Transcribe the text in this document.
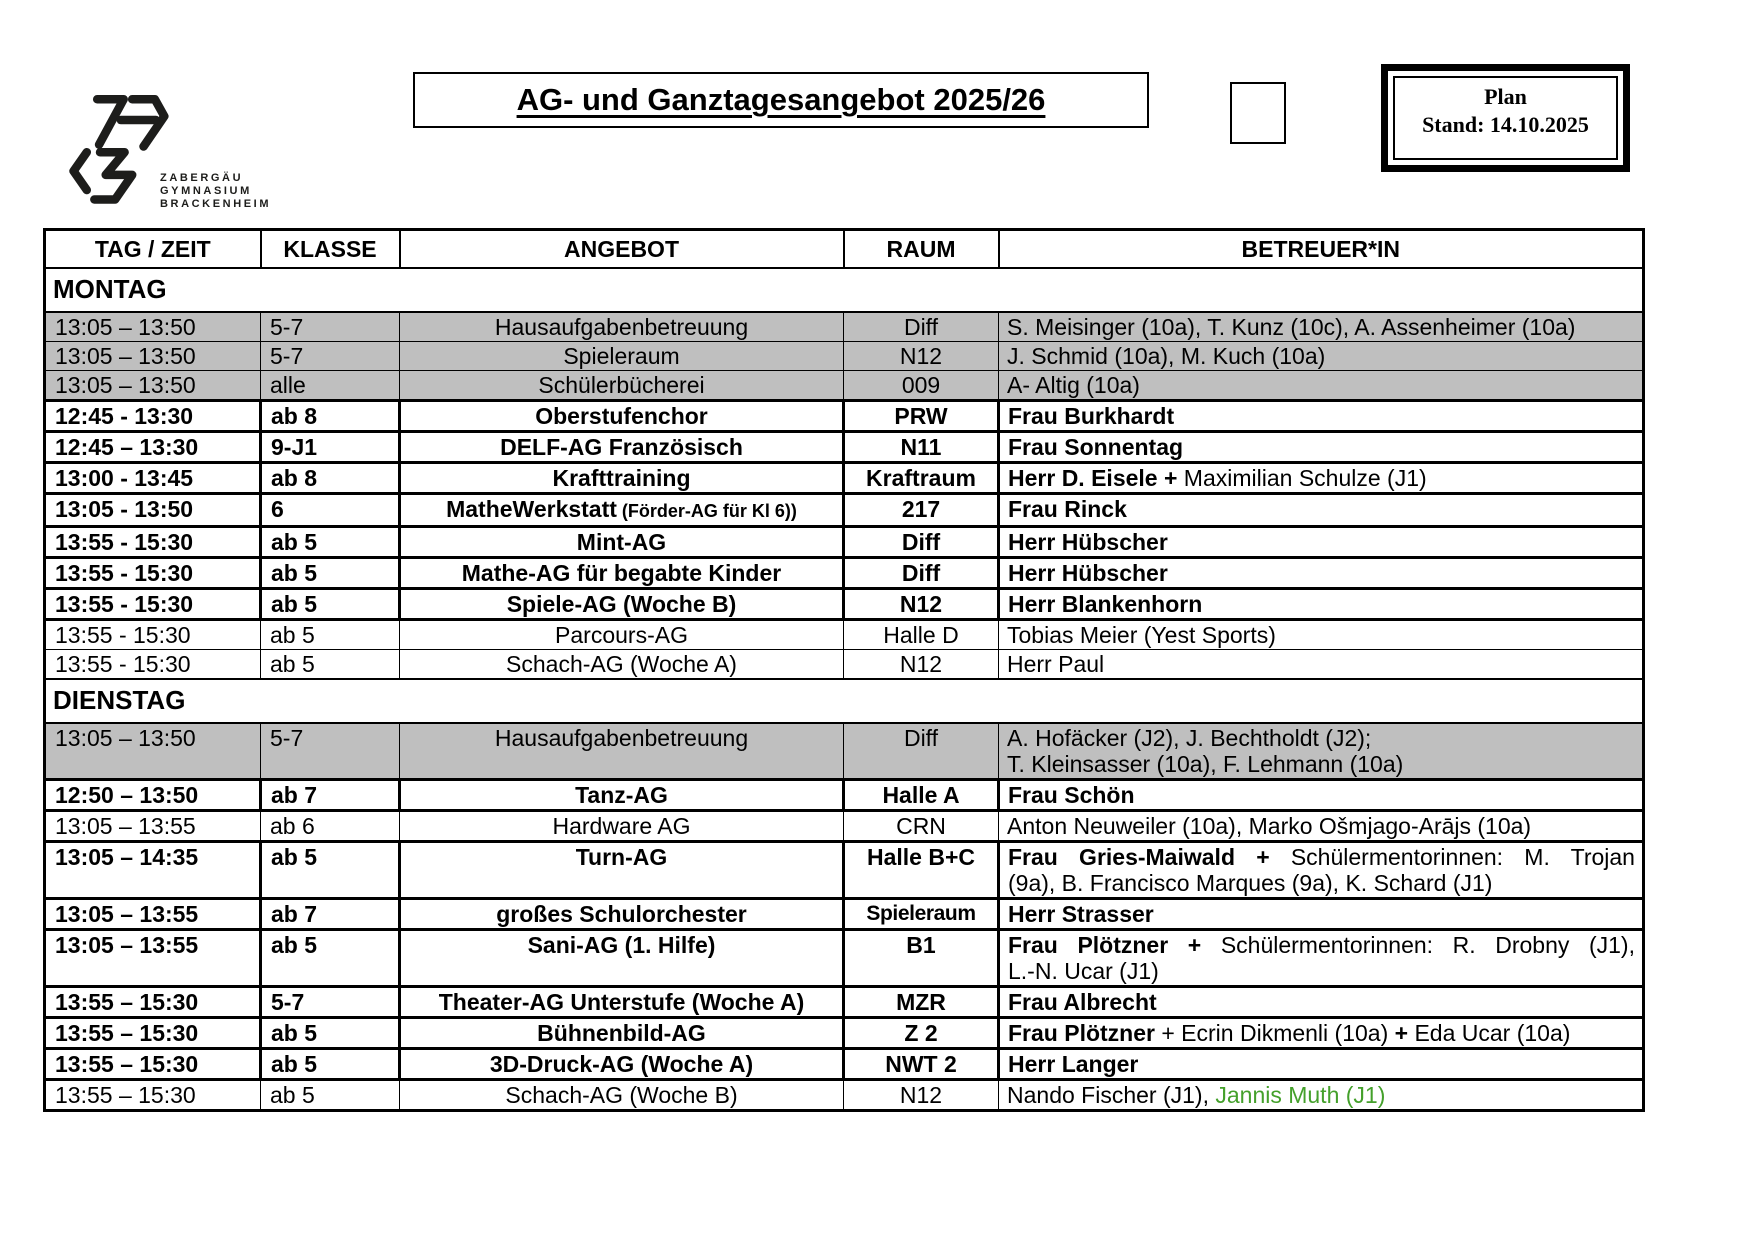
ZABERGÄU
GYMNASIUM
BRACKENHEIM
AG- und Ganztagesangebot 2025/26	Plan
Stand: 14.10.2025
TAG / ZEIT	KLASSE	ANGEBOT	RAUM	BETREUER*IN
MONTAG				
13:05 – 13:50	5-7	Hausaufgabenbetreuung	Diff	S. Meisinger (10a), T. Kunz (10c), A. Assenheimer (10a)

13:05 – 13:50	5-7	Spieleraum	N12	J. Schmid (10a), M. Kuch (10a)

13:05 – 13:50	alle	Schülerbücherei	009	A- Altig (10a)

12:45 - 13:30	ab 8	Oberstufenchor	PRW	Frau Burkhardt

12:45 – 13:30	9-J1	DELF-AG Französisch	N11	Frau Sonnentag

13:00 - 13:45	ab 8	Krafttraining	Kraftraum	Herr D. Eisele + Maximilian Schulze (J1)

13:05 - 13:50	6	MatheWerkstatt (Förder-AG für Kl 6))	217	Frau Rinck

13:55 - 15:30	ab 5	Mint-AG	Diff	Herr Hübscher

13:55 - 15:30	ab 5	Mathe-AG für begabte Kinder	Diff	Herr Hübscher

13:55 - 15:30	ab 5	Spiele-AG (Woche B)	N12	Herr Blankenhorn

13:55 - 15:30	ab 5	Parcours-AG	Halle D	Tobias Meier (Yest Sports)

13:55 - 15:30	ab 5	Schach-AG (Woche A)	N12	Herr Paul

DIENSTAG				
13:05 – 13:50	5-7	Hausaufgabenbetreuung	Diff	A. Hofäcker (J2), J. Bechtholdt (J2);
T. Kleinsasser (10a), F. Lehmann (10a)

12:50 – 13:50	ab 7	Tanz-AG	Halle A	Frau Schön

13:05 – 13:55	ab 6	Hardware AG	CRN	Anton Neuweiler (10a), Marko Ošmjago-Arājs (10a)

13:05 – 14:35	ab 5	Turn-AG	Halle B+C	Frau Gries-Maiwald + Schülermentorinnen: M. Trojan
(9a), B. Francisco Marques (9a), K. Schard (J1)

13:05 – 13:55	ab 7	großes Schulorchester	Spieleraum	Herr Strasser

13:05 – 13:55	ab 5	Sani-AG (1. Hilfe)	B1	Frau Plötzner + Schülermentorinnen: R. Drobny (J1),
L.-N. Ucar (J1)

13:55 – 15:30	5-7	Theater-AG Unterstufe (Woche A)	MZR	Frau Albrecht

13:55 – 15:30	ab 5	Bühnenbild-AG	Z 2	Frau Plötzner + Ecrin Dikmenli (10a) + Eda Ucar (10a)

13:55 – 15:30	ab 5	3D-Druck-AG (Woche A)	NWT 2	Herr Langer

13:55 – 15:30	ab 5	Schach-AG (Woche B)	N12	Nando Fischer (J1), Jannis Muth (J1)
